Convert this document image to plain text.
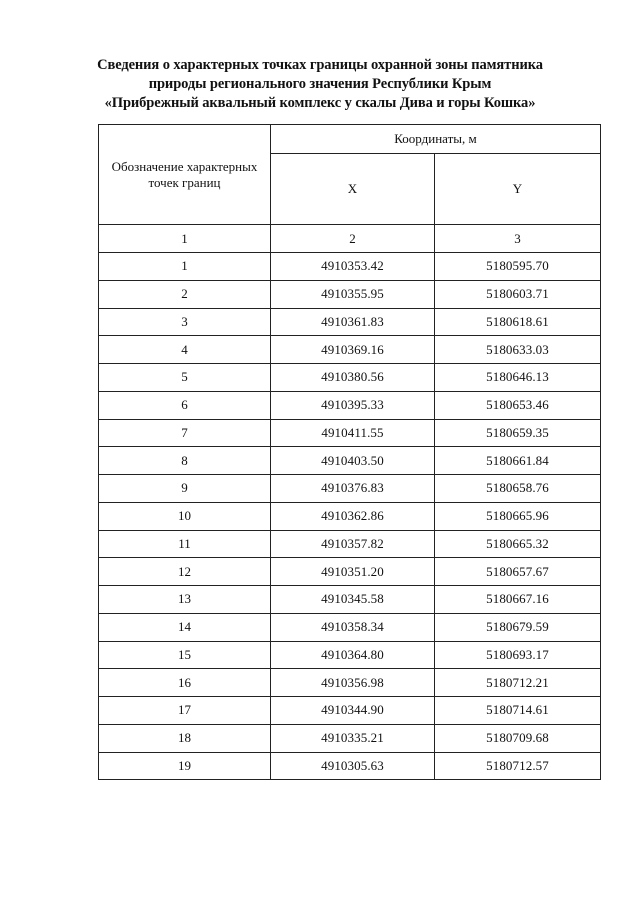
Сведения о характерных точках границы охранной зоны памятника
природы регионального значения Республики Крым
«Прибрежный аквальный комплекс у скалы Дива и горы Кошка»
Обозначение характерных точек границ	Координаты, м	
	X	Y
1	2	3
1	4910353.42	5180595.70
2	4910355.95	5180603.71
3	4910361.83	5180618.61
4	4910369.16	5180633.03
5	4910380.56	5180646.13
6	4910395.33	5180653.46
7	4910411.55	5180659.35
8	4910403.50	5180661.84
9	4910376.83	5180658.76
10	4910362.86	5180665.96
11	4910357.82	5180665.32
12	4910351.20	5180657.67
13	4910345.58	5180667.16
14	4910358.34	5180679.59
15	4910364.80	5180693.17
16	4910356.98	5180712.21
17	4910344.90	5180714.61
18	4910335.21	5180709.68
19	4910305.63	5180712.57
